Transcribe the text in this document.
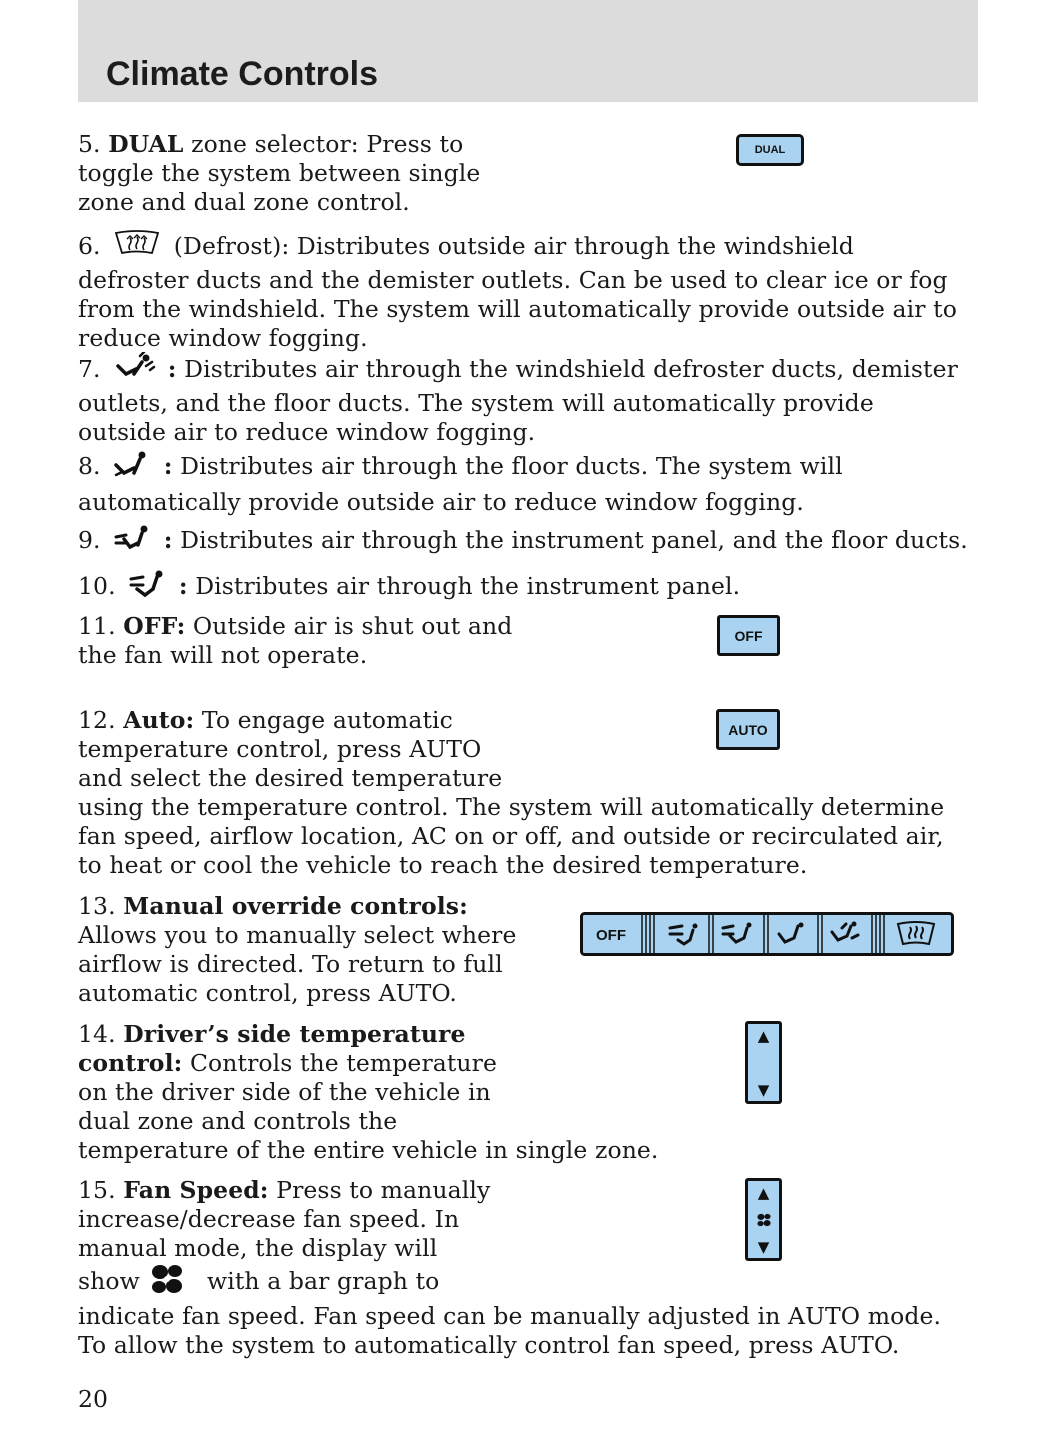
Climate Controls
5. DUAL zone selector: Press to
toggle the system between single
zone and dual zone control.
DUAL
6.	(Defrost): Distributes outside air through the windshield
defroster ducts and the demister outlets. Can be used to clear ice or fog
from the windshield. The system will automatically provide outside air to
reduce window fogging.
7.	: Distributes air through the windshield defroster ducts, demister
outlets, and the floor ducts. The system will automatically provide
outside air to reduce window fogging.
8.	: Distributes air through the floor ducts. The system will
automatically provide outside air to reduce window fogging.
9.	: Distributes air through the instrument panel, and the floor ducts.
10.	: Distributes air through the instrument panel.
11. OFF: Outside air is shut out and
the fan will not operate.
OFF
12. Auto: To engage automatic
temperature control, press AUTO
and select the desired temperature
using the temperature control. The system will automatically determine
fan speed, airflow location, AC on or off, and outside or recirculated air,
to heat or cool the vehicle to reach the desired temperature.
AUTO
13. Manual override controls:
Allows you to manually select where
airflow is directed. To return to full
automatic control, press AUTO.
OFF
14. Driver’s side temperature
control: Controls the temperature
on the driver side of the vehicle in
dual zone and controls the
temperature of the entire vehicle in single zone.
▲
▼
15. Fan Speed: Press to manually
increase/decrease fan speed. In
manual mode, the display will
show	with a bar graph to
indicate fan speed. Fan speed can be manually adjusted in AUTO mode.
To allow the system to automatically control fan speed, press AUTO.
▲
▼
20
